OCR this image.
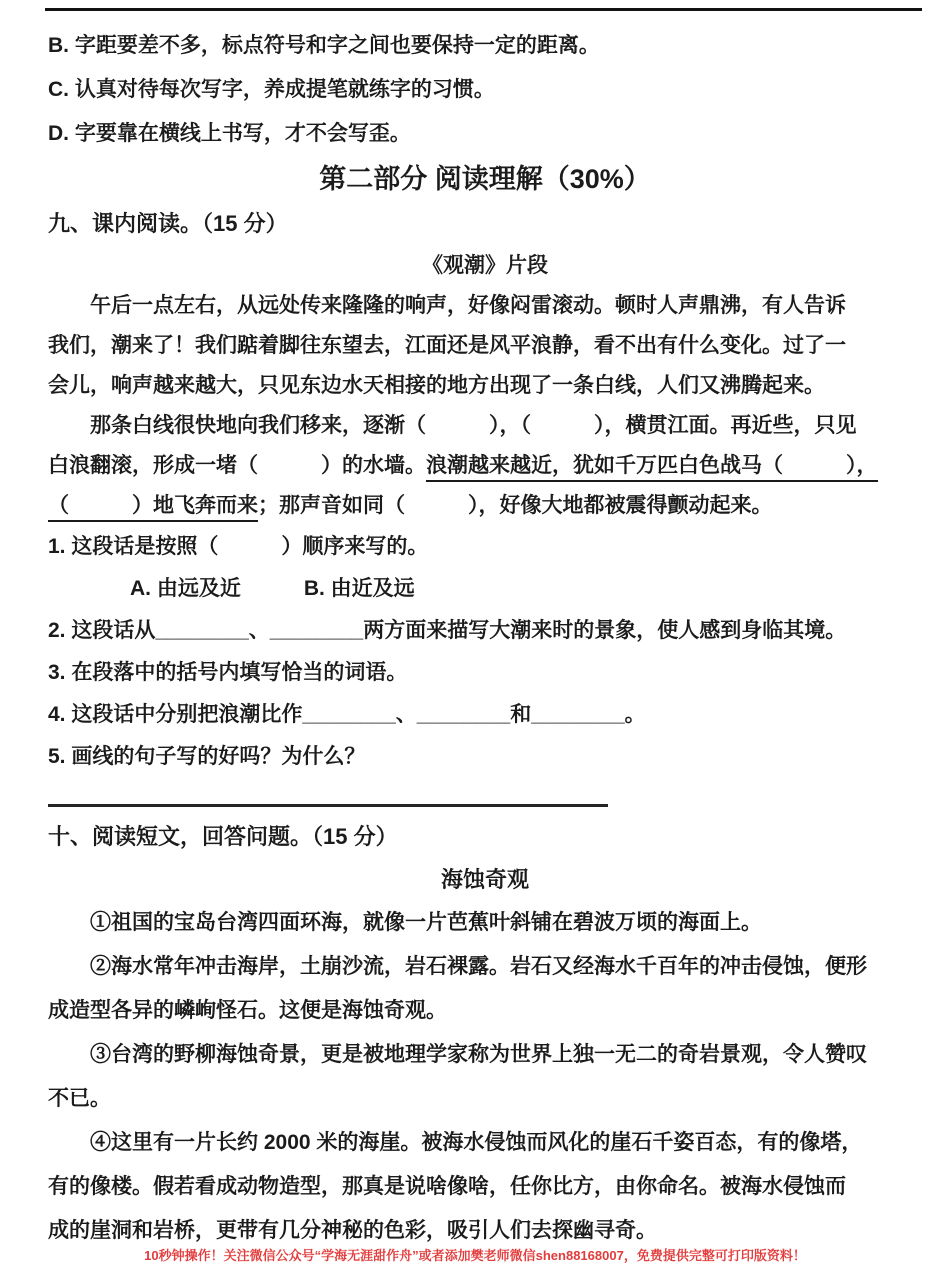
B. 字距要差不多，标点符号和字之间也要保持一定的距离。
C. 认真对待每次写字，养成提笔就练字的习惯。
D. 字要靠在横线上书写，才不会写歪。
第二部分 阅读理解（30%）
九、课内阅读。（15 分）
《观潮》片段
午后一点左右，从远处传来隆隆的响声，好像闷雷滚动。顿时人声鼎沸，有人告诉
我们，潮来了！我们踮着脚往东望去，江面还是风平浪静，看不出有什么变化。过了一
会儿，响声越来越大，只见东边水天相接的地方出现了一条白线，人们又沸腾起来。
那条白线很快地向我们移来，逐渐（　　　），（　　　），横贯江面。再近些，只见
白浪翻滚，形成一堵（　　　）的水墙。浪潮越来越近，犹如千万匹白色战马（　　　），
（　　　）地飞奔而来；那声音如同（　　　），好像大地都被震得颤动起来。
1. 这段话是按照（　　　）顺序来写的。
A. 由远及近　　　B. 由近及远
2. 这段话从________、________两方面来描写大潮来时的景象，使人感到身临其境。
3. 在段落中的括号内填写恰当的词语。
4. 这段话中分别把浪潮比作________、________和________。
5. 画线的句子写的好吗？为什么？
十、阅读短文，回答问题。（15 分）
海蚀奇观
①祖国的宝岛台湾四面环海，就像一片芭蕉叶斜铺在碧波万顷的海面上。
②海水常年冲击海岸，土崩沙流，岩石裸露。岩石又经海水千百年的冲击侵蚀，便形
成造型各异的嶙峋怪石。这便是海蚀奇观。
③台湾的野柳海蚀奇景，更是被地理学家称为世界上独一无二的奇岩景观，令人赞叹
不已。
④这里有一片长约 2000 米的海崖。被海水侵蚀而风化的崖石千姿百态，有的像塔，
有的像楼。假若看成动物造型，那真是说啥像啥，任你比方，由你命名。被海水侵蚀而
成的崖洞和岩桥，更带有几分神秘的色彩，吸引人们去探幽寻奇。
10秒钟操作！关注微信公众号“学海无涯甜作舟”或者添加樊老师微信shen88168007，免费提供完整可打印版资料！
